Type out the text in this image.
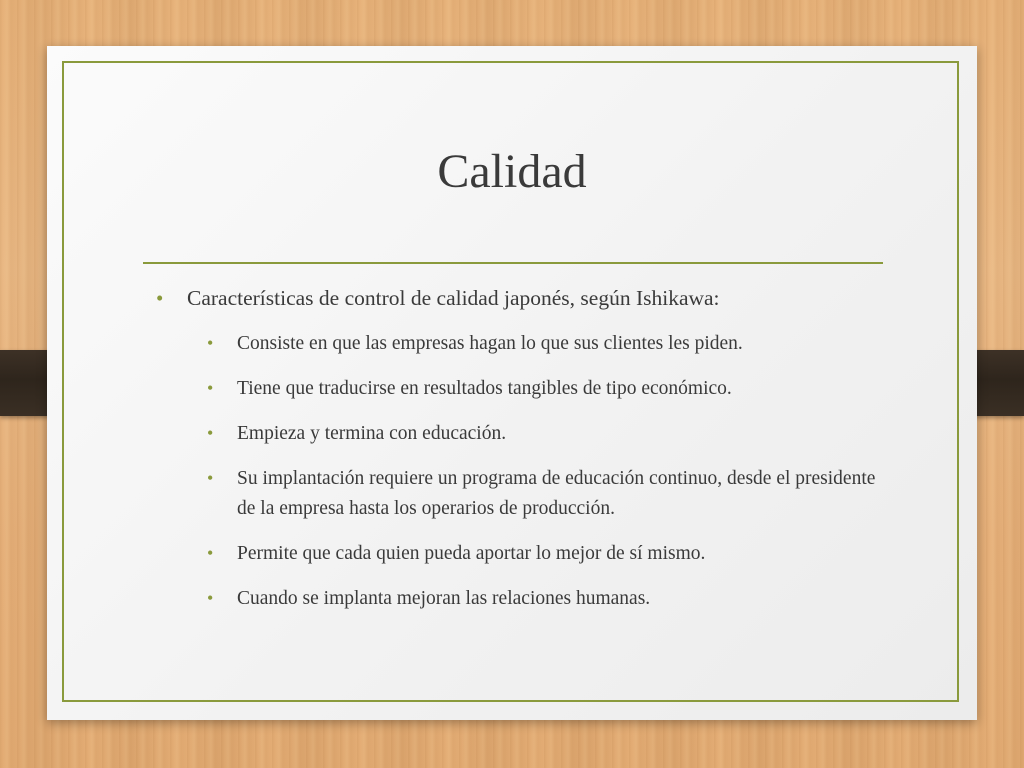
Calidad
• Características de control de calidad japonés, según Ishikawa:
• Consiste en que las empresas hagan lo que sus clientes les piden.
• Tiene que traducirse en resultados tangibles de tipo económico.
• Empieza y termina con educación.
• Su implantación requiere un programa de educación continuo, desde el presidente de la empresa hasta los operarios de producción.
• Permite que cada quien pueda aportar lo mejor de sí mismo.
• Cuando se implanta mejoran las relaciones humanas.
